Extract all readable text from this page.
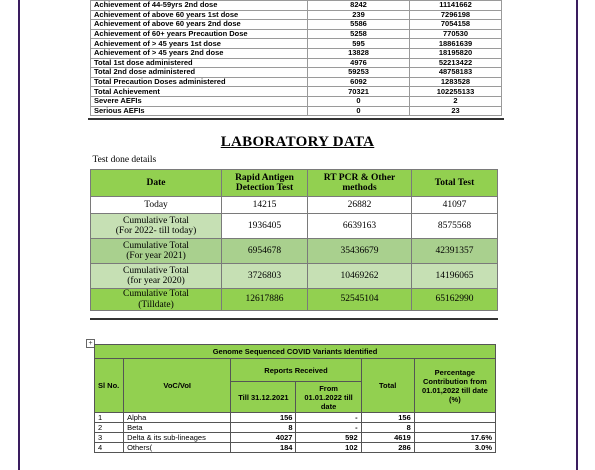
Achievement of 44-59yrs 2nd dose	8242	11141662
Achievement of above 60 years 1st dose	239	7296198
Achievement of above 60 years 2nd dose	5586	7054158
Achievement of 60+ years Precaution Dose	5258	770530
Achievement of > 45 years 1st dose	595	18861639
Achievement of > 45 years 2nd dose	13828	18195820
Total 1st dose administered	4976	52213422
Total 2nd dose administered	59253	48758183
Total Precaution Doses administered	6092	1283528
Total Achievement	70321	102255133
Severe AEFIs	0	2
Serious AEFIs	0	23
LABORATORY DATA
Test done details			
Date	Rapid Antigen Detection Test	RT PCR & Other methods	Total Test
Today	14215	26882	41097
Cumulative Total
(For 2022- till today)	1936405	6639163	8575568
Cumulative Total
(For year 2021)	6954678	35436679	42391357
Cumulative Total
(for year 2020)	3726803	10469262	14196065
Cumulative Total
(Tilldate)	12617886	52545104	65162990
+
Genome Sequenced COVID Variants Identified					
Sl No.	VoC/VoI	Reports Received		Total	Percentage Contribution from 01.01,2022 till date (%)
		Till 31.12.2021	From 01.01.2022 till date		
1	Alpha	156	-	156	
2	Beta	8	-	8	
3	Delta & its sub-lineages	4027	592	4619	17.6%
4	Others(	184	102	286	3.0%
